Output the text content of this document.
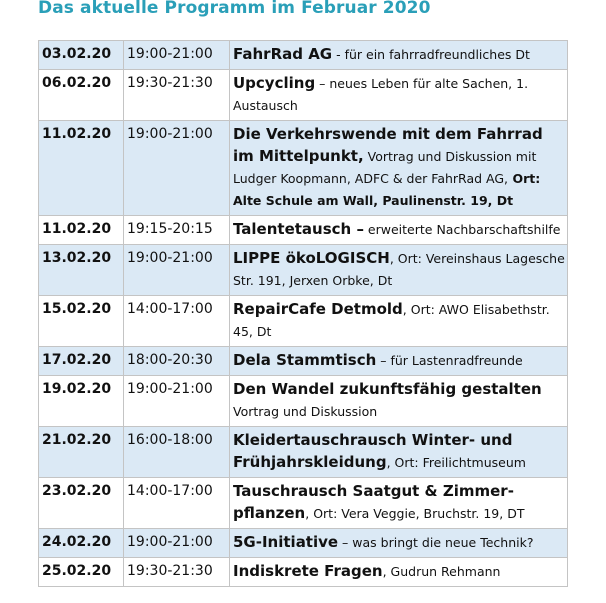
Das aktuelle Programm im Februar 2020
03.02.20	19:00-21:00	FahrRad AG - für ein fahrradfreundliches Dt
06.02.20	19:30-21:30	Upcycling – neues Leben für alte Sachen, 1. Austausch
11.02.20	19:00-21:00	Die Verkehrswende mit dem Fahrrad im Mittelpunkt, Vortrag und Diskussion mit Ludger Koopmann, ADFC & der FahrRad AG, Ort: Alte Schule am Wall, Paulinenstr. 19, Dt
11.02.20	19:15-20:15	Talentetausch – erweiterte Nachbarschaftshilfe
13.02.20	19:00-21:00	LIPPE ökoLOGISCH, Ort: Vereinshaus Lagesche Str. 191, Jerxen Orbke, Dt
15.02.20	14:00-17:00	RepairCafe Detmold, Ort: AWO Elisabethstr. 45, Dt
17.02.20	18:00-20:30	Dela Stammtisch – für Lastenradfreunde
19.02.20	19:00-21:00	Den Wandel zukunftsfähig gestalten Vortrag und Diskussion
21.02.20	16:00-18:00	Kleidertauschrausch Winter- und Frühjahrskleidung, Ort: Freilichtmuseum
23.02.20	14:00-17:00	Tauschrausch Saatgut & Zimmer-pflanzen, Ort: Vera Veggie, Bruchstr. 19, DT
24.02.20	19:00-21:00	5G-Initiative – was bringt die neue Technik?
25.02.20	19:30-21:30	Indiskrete Fragen, Gudrun Rehmann
